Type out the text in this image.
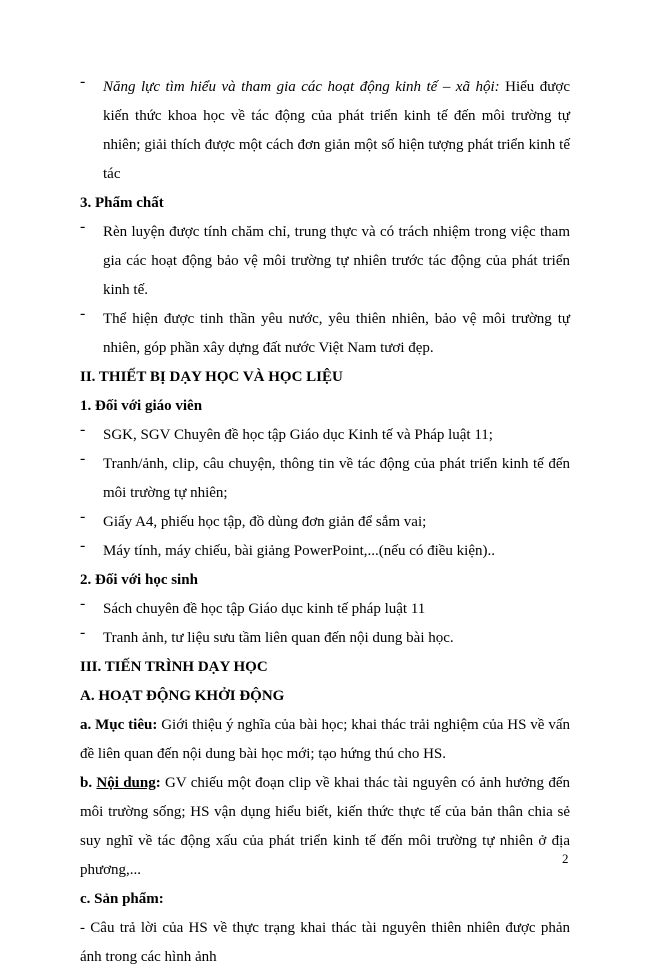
-	Năng lực tìm hiểu và tham gia các hoạt động kinh tế – xã hội: Hiểu được kiến thức khoa học về tác động của phát triển kinh tế đến môi trường tự nhiên; giải thích được một cách đơn giản một số hiện tượng phát triển kinh tế tác

3. Phẩm chất

-	Rèn luyện được tính chăm chỉ, trung thực và có trách nhiệm trong việc tham gia các hoạt động bảo vệ môi trường tự nhiên trước tác động của phát triển kinh tế.

-	Thể hiện được tinh thần yêu nước, yêu thiên nhiên, bảo vệ môi trường tự nhiên, góp phần xây dựng đất nước Việt Nam tươi đẹp.

II. THIẾT BỊ DẠY HỌC VÀ HỌC LIỆU

1. Đối với giáo viên

-	SGK, SGV Chuyên đề học tập Giáo dục Kinh tế và Pháp luật 11;

-	Tranh/ảnh, clip, câu chuyện, thông tin về tác động của phát triển kinh tế đến môi trường tự nhiên;

-	Giấy A4, phiếu học tập, đồ dùng đơn giản để sắm vai;

-	Máy tính, máy chiếu, bài giảng PowerPoint,...(nếu có điều kiện)..

2. Đối với học sinh

-	Sách chuyên đề học tập Giáo dục kinh tế pháp luật 11

-	Tranh ảnh, tư liệu sưu tầm liên quan đến nội dung bài học.

III. TIẾN TRÌNH DẠY HỌC

A. HOẠT ĐỘNG KHỞI ĐỘNG

a. Mục tiêu: Giới thiệu ý nghĩa của bài học; khai thác trải nghiệm của HS về vấn đề liên quan đến nội dung bài học mới; tạo hứng thú cho HS.

b. Nội dung: GV chiếu một đoạn clip về khai thác tài nguyên có ảnh hưởng đến môi trường sống; HS vận dụng hiểu biết, kiến thức thực tế của bản thân chia sẻ suy nghĩ về tác động xấu của phát triển kinh tế đến môi trường tự nhiên ở địa phương,...

c. Sản phẩm:

- Câu trả lời của HS về thực trạng khai thác tài nguyên thiên nhiên được phản ánh trong các hình ảnh

2
